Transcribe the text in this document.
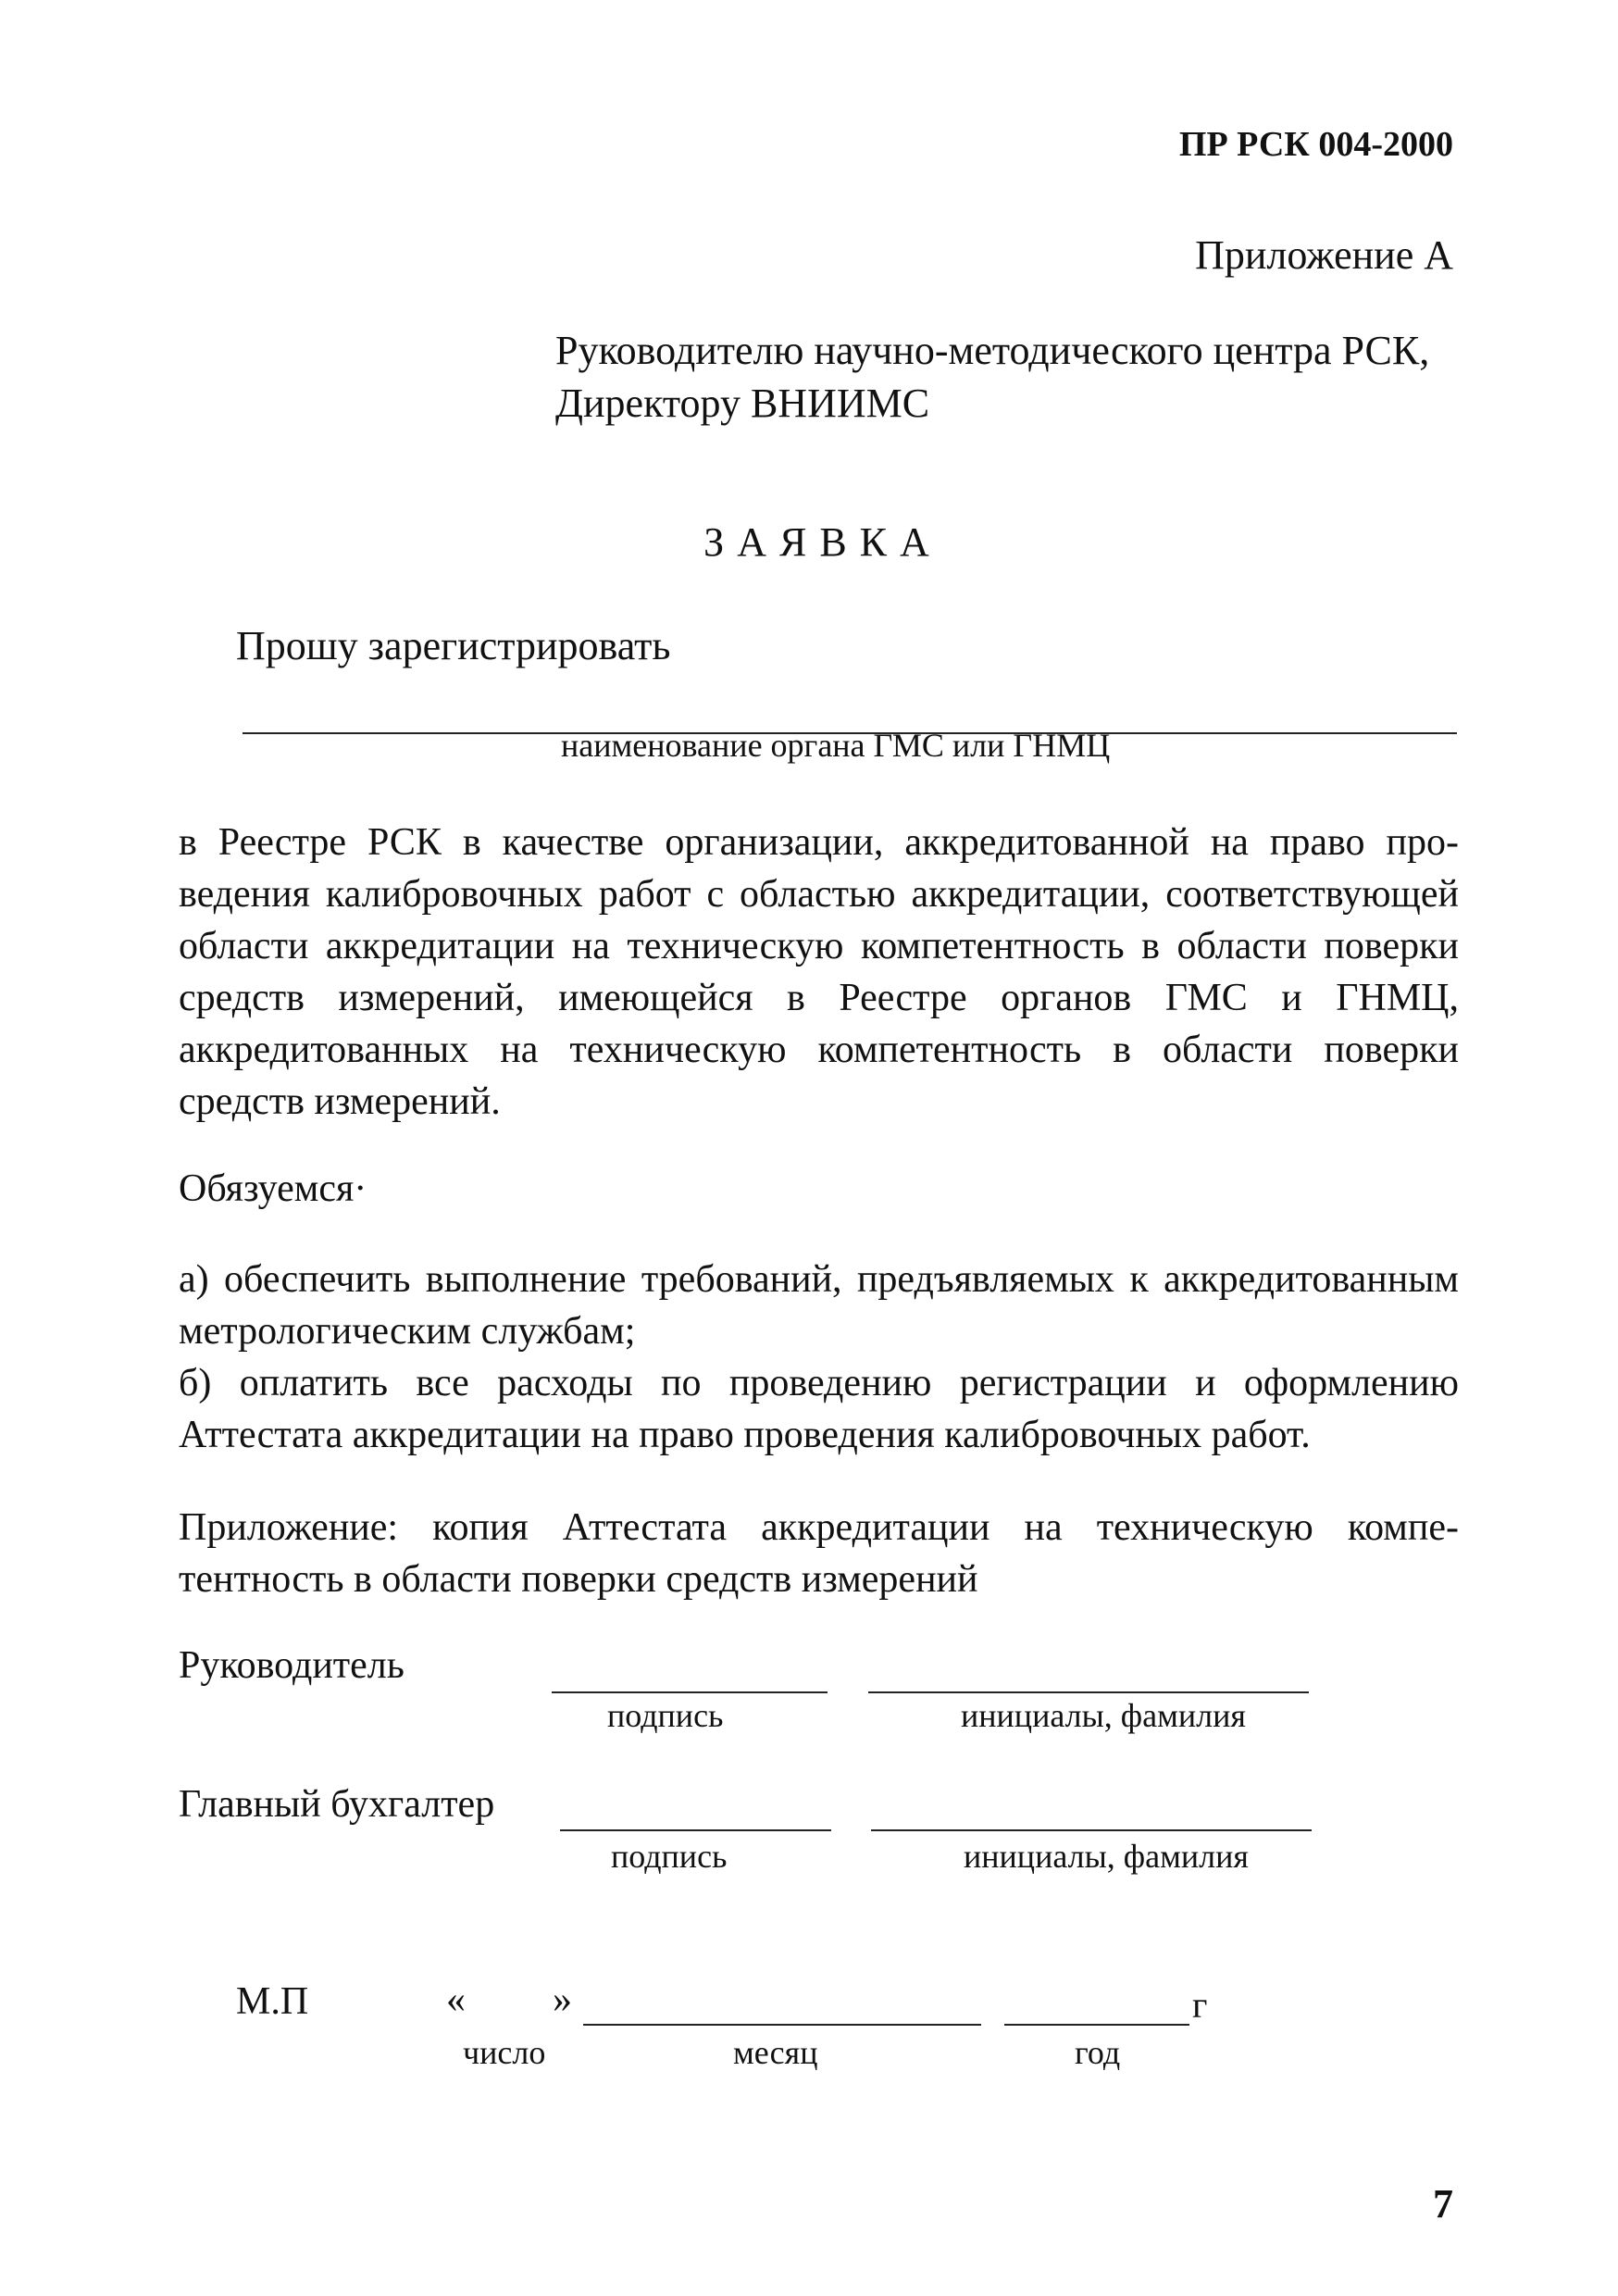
ПР РСК 004-2000
Приложение А
Руководителю научно-методического центра РСК,
Директору ВНИИМС
ЗАЯВКА
Прошу зарегистрировать
наименование органа ГМС или ГНМЦ
в Реестре РСК в качестве организации, аккредитованной на право проведения калибровочных работ с областью аккредитации, соответствующей области аккредитации на техническую компетентность в области поверки средств измерений, имеющейся в Реестре органов ГМС и ГНМЦ, аккредитованных на техническую компетентность в области поверки средств измерений.
Обязуемся·
а) обеспечить выполнение требований, предъявляемых к аккредитованным метрологическим службам;
б) оплатить все расходы по проведению регистрации и оформлению Аттестата аккредитации на право проведения калибровочных работ.
Приложение: копия Аттестата аккредитации на техническую компетентность в области поверки средств измерений
Руководитель
подпись	инициалы, фамилия
Главный бухгалтер
подпись	инициалы, фамилия
М.П	« »	г
число	месяц	год
7
